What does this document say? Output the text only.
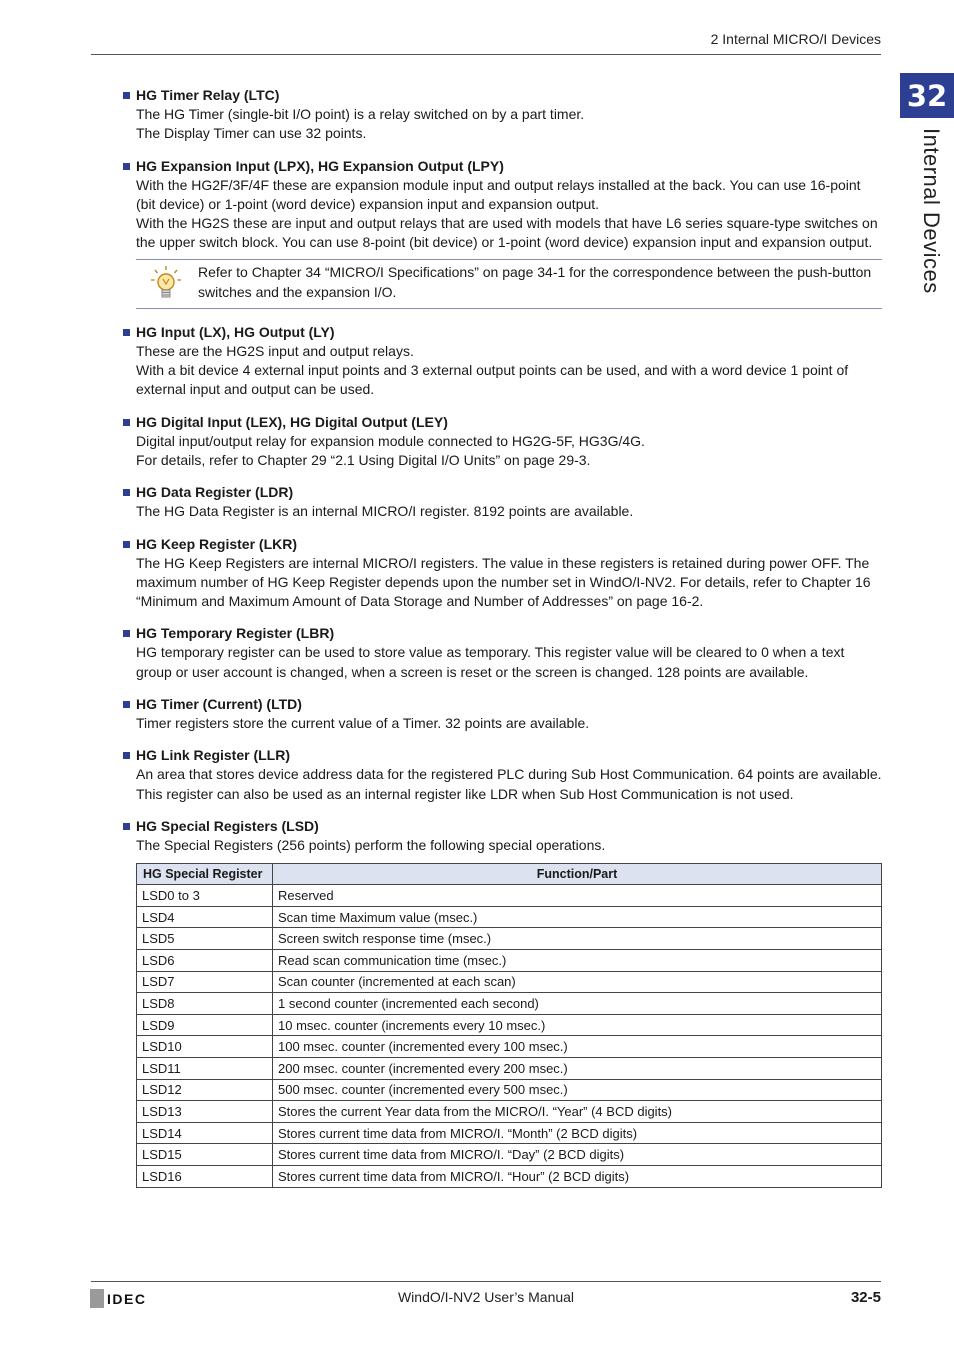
2 Internal MICRO/I Devices
32
Internal Devices
HG Timer Relay (LTC)
The HG Timer (single-bit I/O point) is a relay switched on by a part timer.
The Display Timer can use 32 points.
HG Expansion Input (LPX), HG Expansion Output (LPY)
With the HG2F/3F/4F these are expansion module input and output relays installed at the back. You can use 16-point (bit device) or 1-point (word device) expansion input and expansion output.
With the HG2S these are input and output relays that are used with models that have L6 series square-type switches on the upper switch block. You can use 8-point (bit device) or 1-point (word device) expansion input and expansion output.
Refer to Chapter 34 “MICRO/I Specifications” on page 34-1 for the correspondence between the push-button switches and the expansion I/O.
HG Input (LX), HG Output (LY)
These are the HG2S input and output relays.
With a bit device 4 external input points and 3 external output points can be used, and with a word device 1 point of external input and output can be used.
HG Digital Input (LEX), HG Digital Output (LEY)
Digital input/output relay for expansion module connected to HG2G-5F, HG3G/4G.
For details, refer to Chapter 29 “2.1 Using Digital I/O Units” on page 29-3.
HG Data Register (LDR)
The HG Data Register is an internal MICRO/I register. 8192 points are available.
HG Keep Register (LKR)
The HG Keep Registers are internal MICRO/I registers. The value in these registers is retained during power OFF. The maximum number of HG Keep Register depends upon the number set in WindO/I-NV2. For details, refer to Chapter 16 “Minimum and Maximum Amount of Data Storage and Number of Addresses” on page 16-2.
HG Temporary Register (LBR)
HG temporary register can be used to store value as temporary. This register value will be cleared to 0 when a text group or user account is changed, when a screen is reset or the screen is changed. 128 points are available.
HG Timer (Current) (LTD)
Timer registers store the current value of a Timer. 32 points are available.
HG Link Register (LLR)
An area that stores device address data for the registered PLC during Sub Host Communication. 64 points are available. This register can also be used as an internal register like LDR when Sub Host Communication is not used.
HG Special Registers (LSD)
The Special Registers (256 points) perform the following special operations.
HG Special Register	Function/Part
LSD0 to 3	Reserved
LSD4	Scan time Maximum value (msec.)
LSD5	Screen switch response time (msec.)
LSD6	Read scan communication time (msec.)
LSD7	Scan counter (incremented at each scan)
LSD8	1 second counter (incremented each second)
LSD9	10 msec. counter (increments every 10 msec.)
LSD10	100 msec. counter (incremented every 100 msec.)
LSD11	200 msec. counter (incremented every 200 msec.)
LSD12	500 msec. counter (incremented every 500 msec.)
LSD13	Stores the current Year data from the MICRO/I. “Year” (4 BCD digits)
LSD14	Stores current time data from MICRO/I. “Month” (2 BCD digits)
LSD15	Stores current time data from MICRO/I. “Day” (2 BCD digits)
LSD16	Stores current time data from MICRO/I. “Hour” (2 BCD digits)
IDEC	WindO/I-NV2 User’s Manual	32-5
